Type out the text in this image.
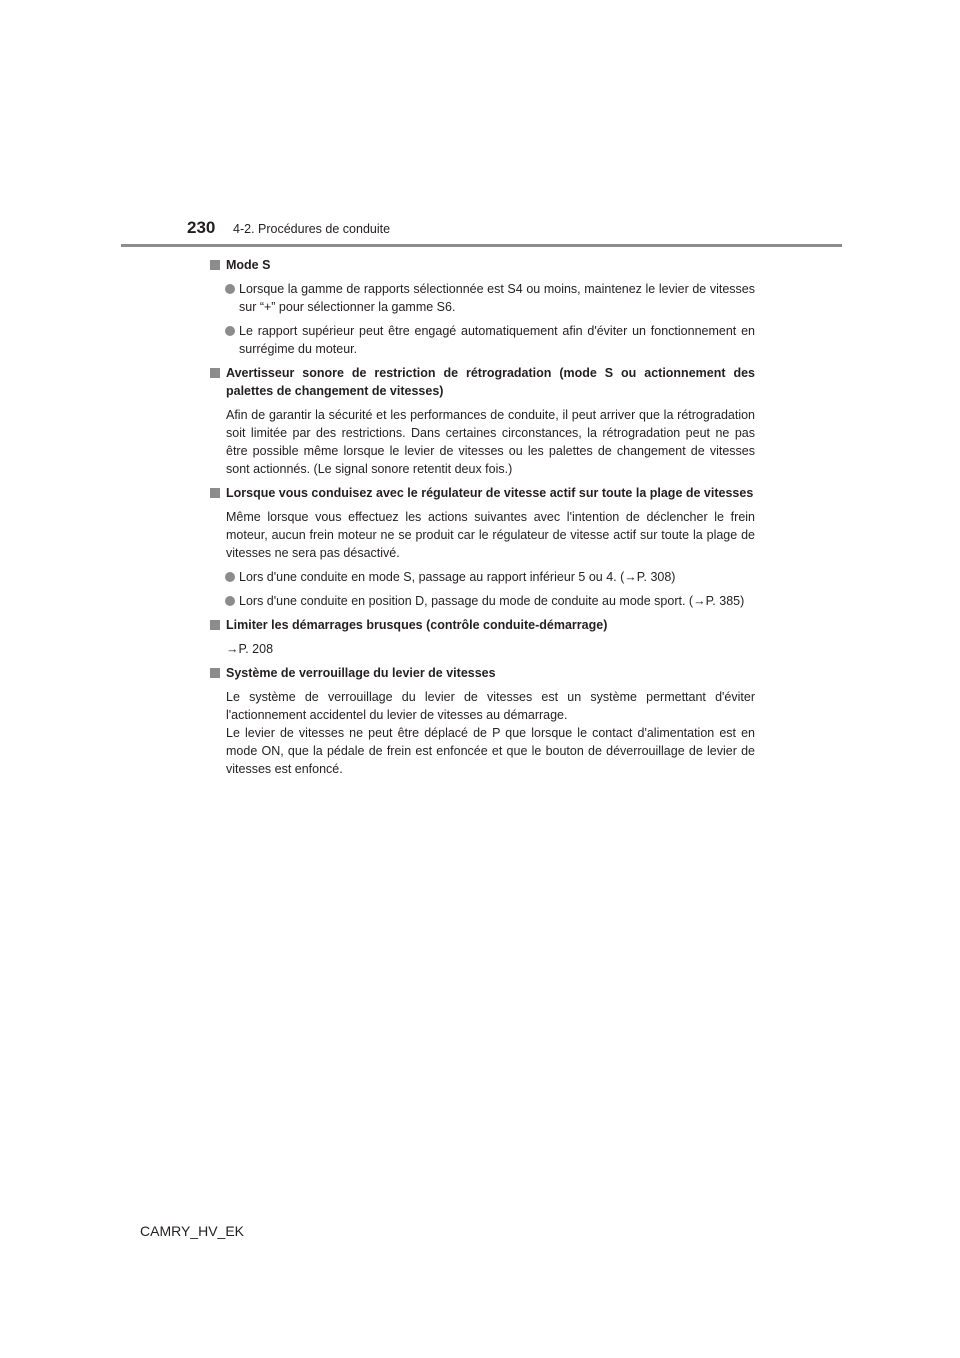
230 4-2. Procédures de conduite
Mode S
Lorsque la gamme de rapports sélectionnée est S4 ou moins, maintenez le levier de vitesses sur “+” pour sélectionner la gamme S6.
Le rapport supérieur peut être engagé automatiquement afin d'éviter un fonctionnement en surrégime du moteur.
Avertisseur sonore de restriction de rétrogradation (mode S ou actionnement des palettes de changement de vitesses)
Afin de garantir la sécurité et les performances de conduite, il peut arriver que la rétrogradation soit limitée par des restrictions. Dans certaines circonstances, la rétrogradation peut ne pas être possible même lorsque le levier de vitesses ou les palettes de changement de vitesses sont actionnés. (Le signal sonore retentit deux fois.)
Lorsque vous conduisez avec le régulateur de vitesse actif sur toute la plage de vitesses
Même lorsque vous effectuez les actions suivantes avec l'intention de déclencher le frein moteur, aucun frein moteur ne se produit car le régulateur de vitesse actif sur toute la plage de vitesses ne sera pas désactivé.
Lors d'une conduite en mode S, passage au rapport inférieur 5 ou 4. (→P. 308)
Lors d'une conduite en position D, passage du mode de conduite au mode sport. (→P. 385)
Limiter les démarrages brusques (contrôle conduite-démarrage)
→P. 208
Système de verrouillage du levier de vitesses
Le système de verrouillage du levier de vitesses est un système permettant d'éviter l'actionnement accidentel du levier de vitesses au démarrage.
Le levier de vitesses ne peut être déplacé de P que lorsque le contact d'alimentation est en mode ON, que la pédale de frein est enfoncée et que le bouton de déverrouillage de levier de vitesses est enfoncé.
CAMRY_HV_EK
